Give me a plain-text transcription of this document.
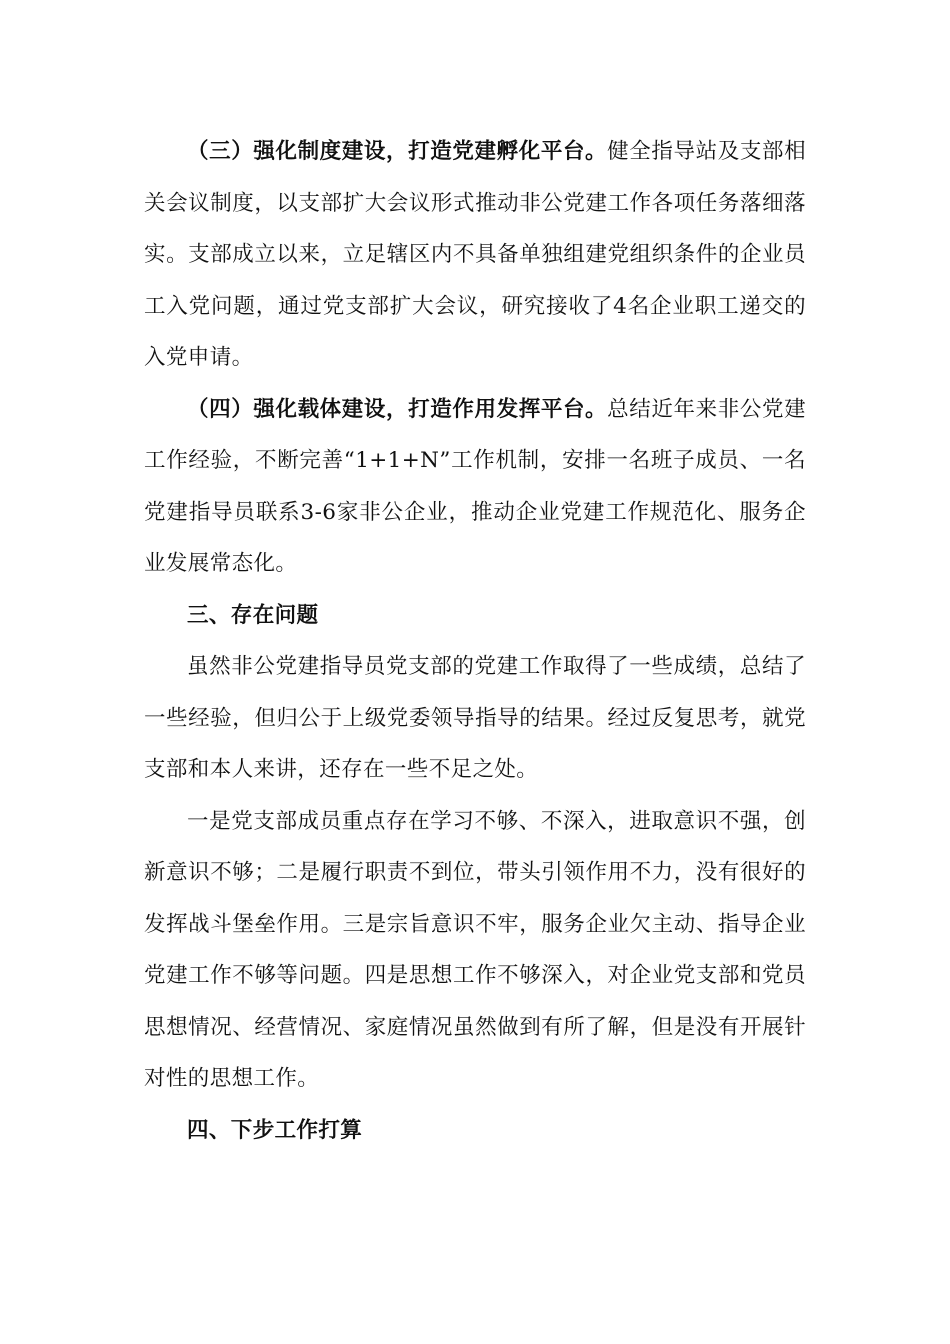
（三）强化制度建设，打造党建孵化平台。健全指导站及支部相关会议制度，以支部扩大会议形式推动非公党建工作各项任务落细落实。支部成立以来，立足辖区内不具备单独组建党组织条件的企业员工入党问题，通过党支部扩大会议，研究接收了4名企业职工递交的入党申请。

（四）强化载体建设，打造作用发挥平台。总结近年来非公党建工作经验，不断完善“1+1+N”工作机制，安排一名班子成员、一名党建指导员联系3-6家非公企业，推动企业党建工作规范化、服务企业发展常态化。

三、存在问题

虽然非公党建指导员党支部的党建工作取得了一些成绩，总结了一些经验，但归公于上级党委领导指导的结果。经过反复思考，就党支部和本人来讲，还存在一些不足之处。

一是党支部成员重点存在学习不够、不深入，进取意识不强，创新意识不够；二是履行职责不到位，带头引领作用不力，没有很好的发挥战斗堡垒作用。三是宗旨意识不牢，服务企业欠主动、指导企业党建工作不够等问题。四是思想工作不够深入，对企业党支部和党员思想情况、经营情况、家庭情况虽然做到有所了解，但是没有开展针对性的思想工作。

四、下步工作打算
